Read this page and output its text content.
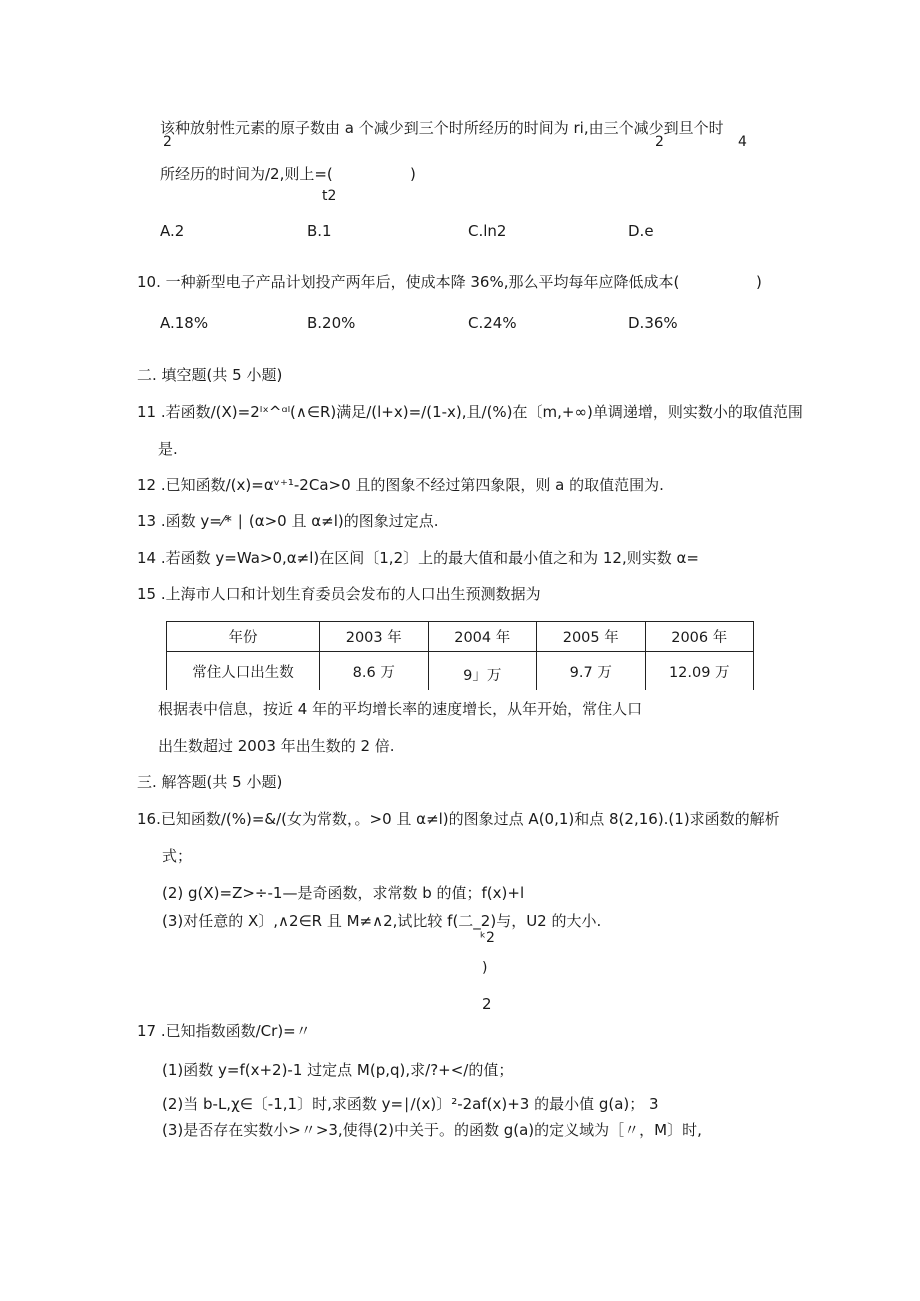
该种放射性元素的原子数由 a 个减少到三个时所经历的时间为 ri,由三个减少到旦个时
2	2	4
所经历的时间为/2,则上=(	)
t2
A.2	B.1	C.ln2	D.e
10. 一种新型电子产品计划投产两年后，使成本降 36%,那么平均每年应降低成本(	)
A.18%	B.20%	C.24%	D.36%
二. 填空题(共 5 小题)
11 .若函数/(X)=2ˡˣ^ᵅˡ(∧∈R)满足/(l+x)=/(1-x),且/(%)在〔m,+∞)单调递增，则实数小的取值范围
是.
12 .已知函数/(x)=αᵛ⁺¹-2Ca>0 且的图象不经过第四象限，则 a 的取值范围为.
13 .函数 y=⁄* ∣ (α>0 且 α≠l)的图象过定点.
14 .若函数 y=Wa>0,α≠l)在区间〔1,2〕上的最大值和最小值之和为 12,则实数 α=
15 .上海市人口和计划生育委员会发布的人口出生预测数据为
年份	2003 年	2004 年	2005 年	2006 年
常住人口出生数	8.6 万	9」万	9.7 万	12.09 万
根据表中信息，按近 4 年的平均增长率的速度增长，从年开始，常住人口
出生数超过 2003 年出生数的 2 倍.
三. 解答题(共 5 小题)
16.已知函数/(%)=&/(女为常数，。>0 且 α≠l)的图象过点 A(0,1)和点 8(2,16).(1)求函数的解析
式；
(2) g(X)=Z>÷-1—是奇函数，求常数 b 的值；f(x)+l
(3)对任意的 X〕,∧2∈R 且 M≠∧2,试比较 f(二_2)与，U2 的大小.
ᵏ2
)
2
17 .已知指数函数/Cr)=〃
(1)函数 y=f(x+2)-1 过定点 M(p,q),求/?+</的值；
(2)当 b-L,χ∈〔-1,1〕时,求函数 y=∣∕(x)〕²-2af(x)+3 的最小值 g(a)； 3
(3)是否存在实数小>〃>3,使得(2)中关于。的函数 g(a)的定义域为［〃，M〕时,
